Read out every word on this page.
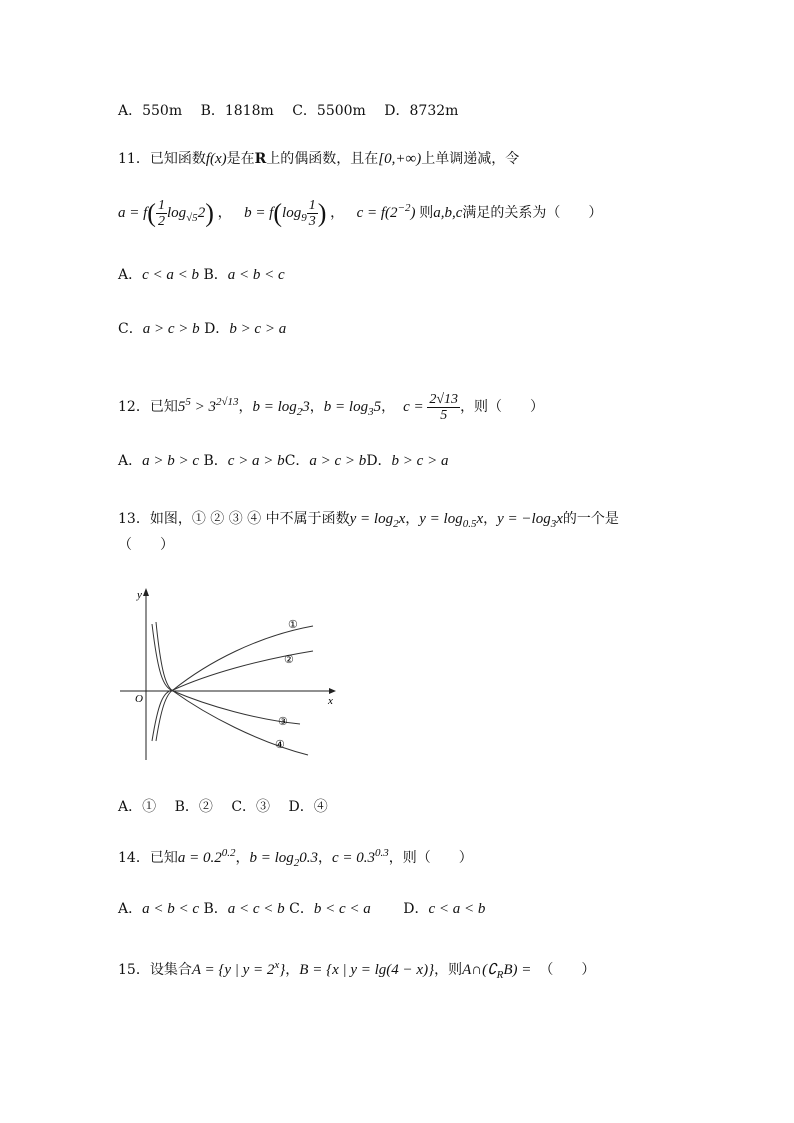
A．550m B．1818m C．5500m D．8732m
11．已知函数f(x)是在R上的偶函数，且在[0,+∞)上单调递减，令
$a = f( \frac{1}{2} \log_{√5}2)$ ， $b = f(\log_9 \frac{1}{3}$ ) ， $c = f(2^{-2})$ 则a,b,c满足的关系为（　　）
A．c < a < b B．a < b < c
C．a > c > b D．b > c > a
12．已知$5^5 > 3^{2√13}$，$b = \log_23$，$b = \log_35$， $c = \frac{2√13}{5}$ ，则（　　）
A．a > b > c B．c > a > bC．a > c > bD．b > c > a
13．如图，① ② ③ ④ 中不属于函数$y = \log_2x$，$y = \log_{0.5}x$，$y = -\log_3x$的一个是
（　　）
y
x
O
①
②
③
④
A．① B．② C．③ D．④
14．已知$a = 0.2^{0.2}$，$b = \log_20.3$，$c = 0.3^{0.3}$，则（　　）
A．a < b < c B．a < c < b C．b < c < a D．c < a < b
15．设集合A = {y | $y = 2^x$}，B = {x | y = lg(4 − x)}，则$A\cap(∁_RB)$ = （　　）
